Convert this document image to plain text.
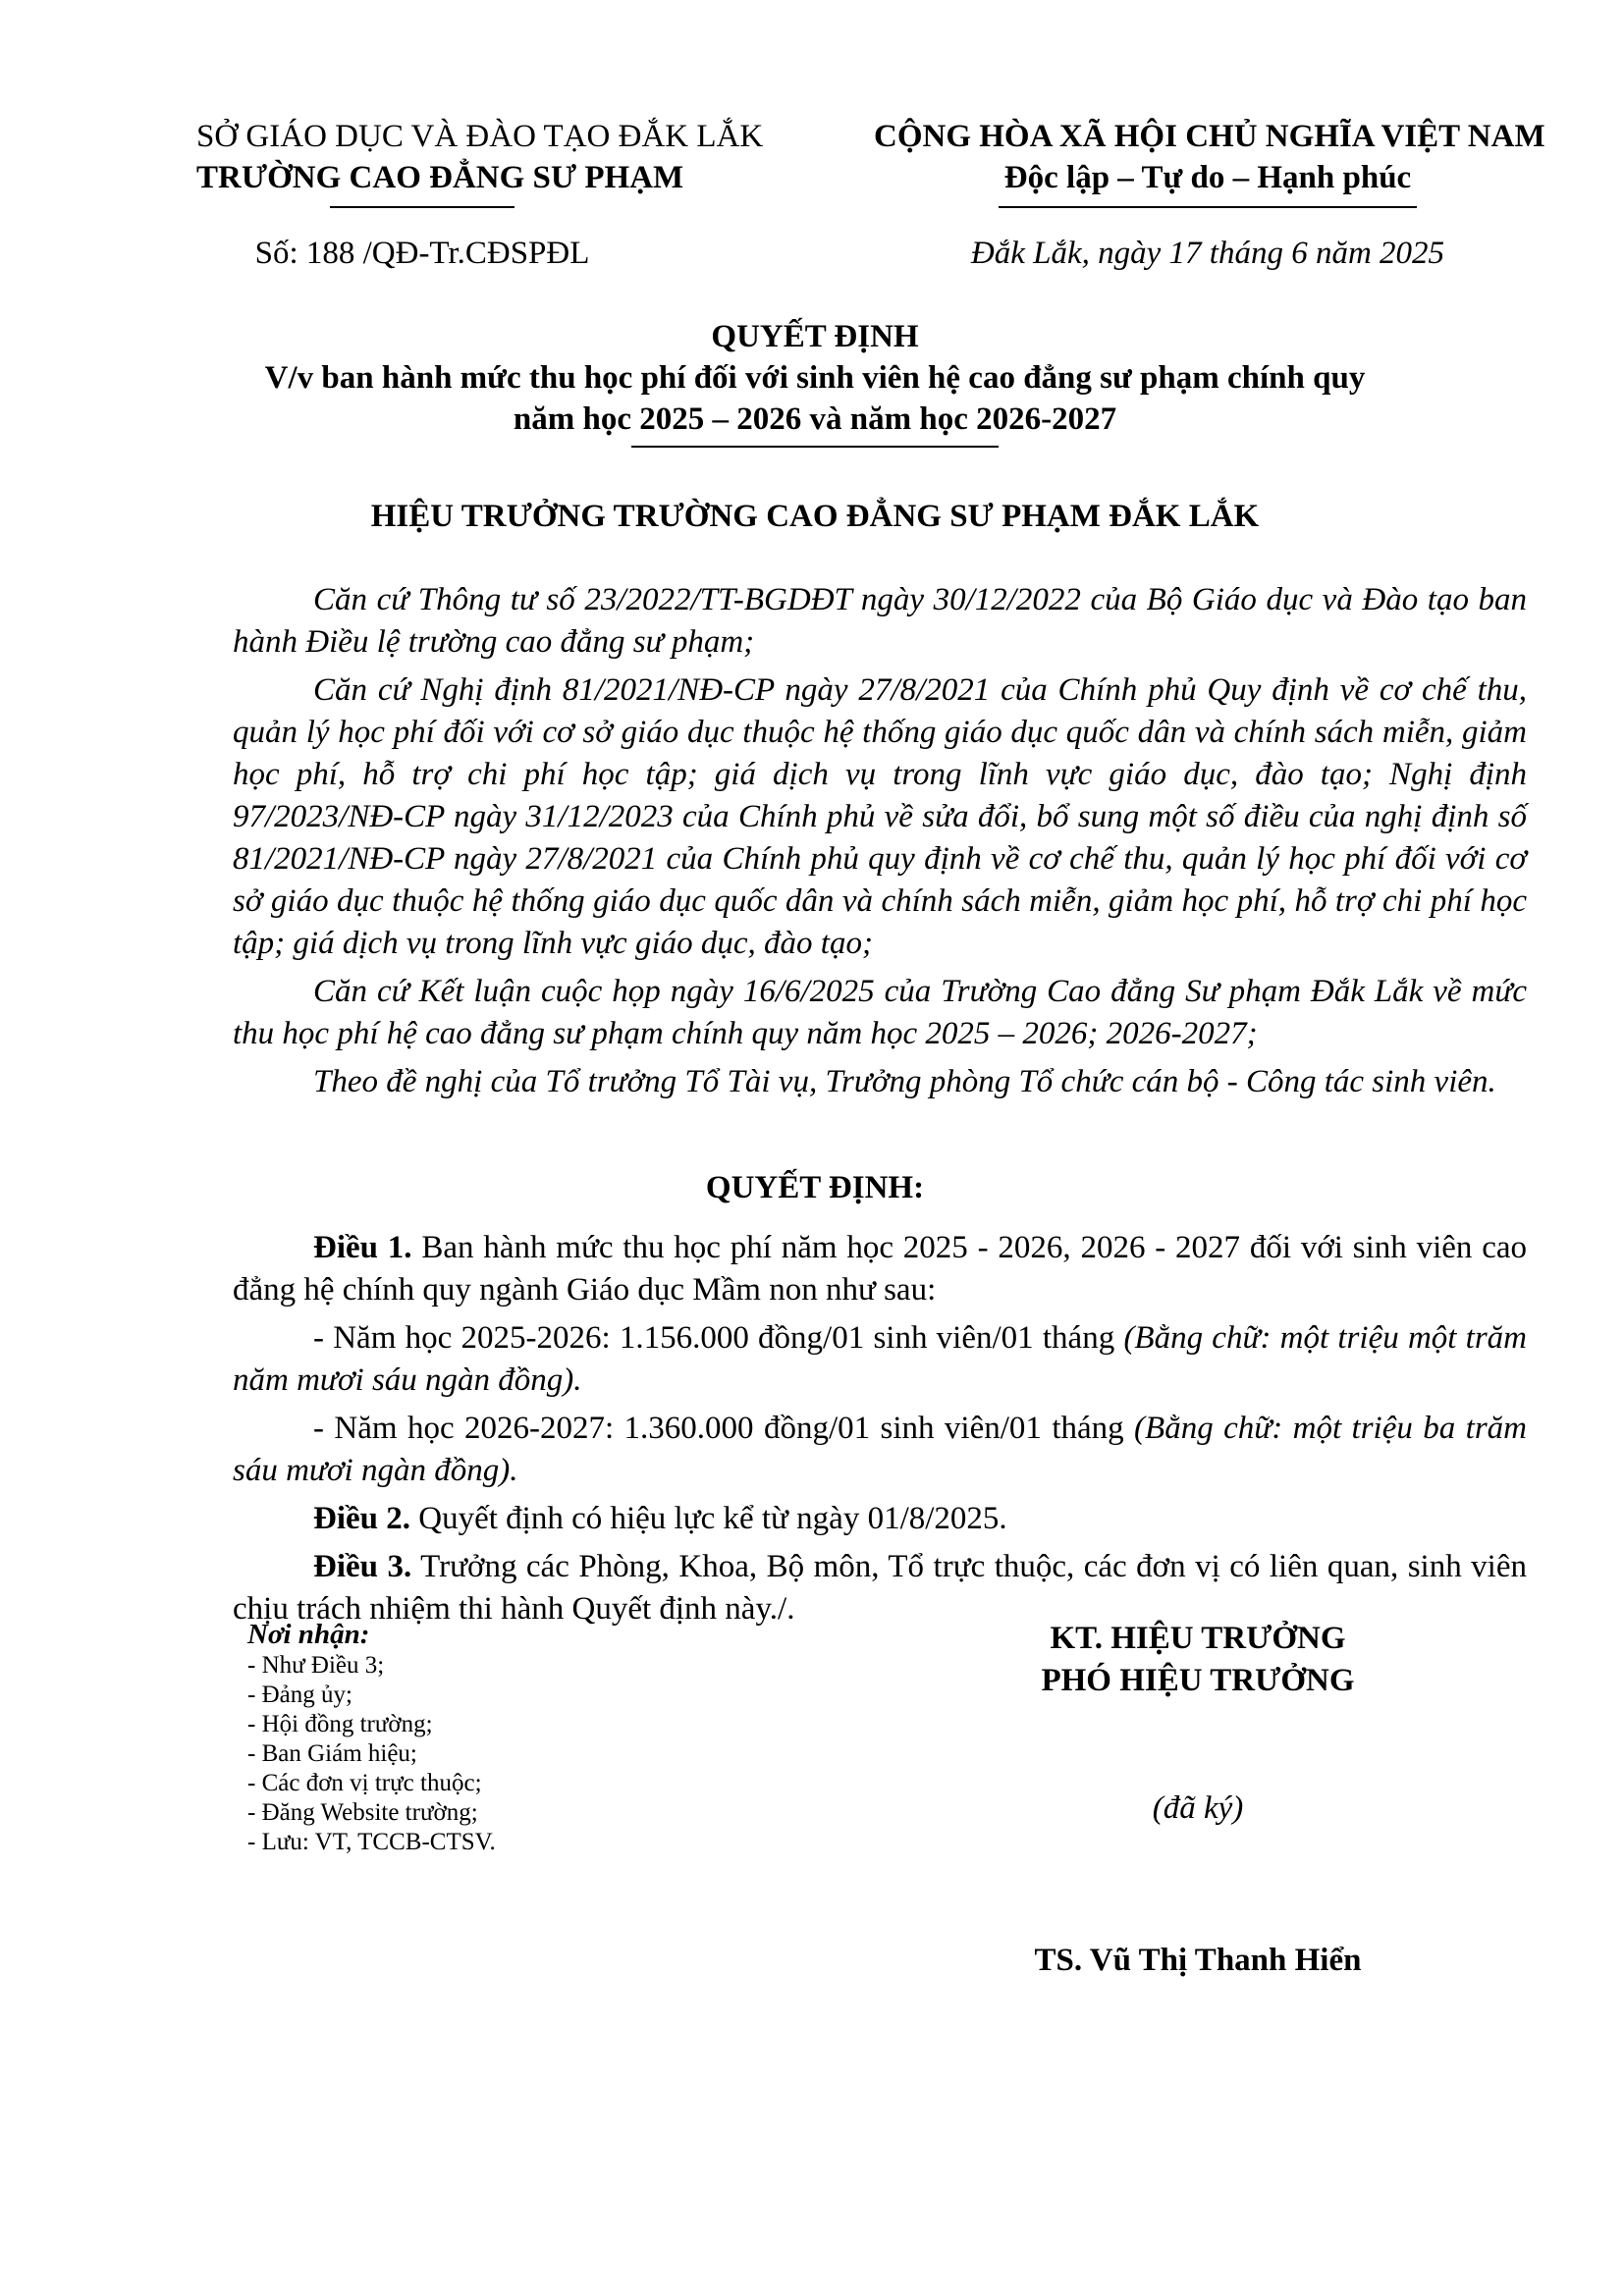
SỞ GIÁO DỤC VÀ ĐÀO TẠO ĐẮK LẮK
TRƯỜNG CAO ĐẲNG SƯ PHẠM
CỘNG HÒA XÃ HỘI CHỦ NGHĨA VIỆT NAM
Độc lập – Tự do – Hạnh phúc
Số: 188 /QĐ-Tr.CĐSPĐL	Đắk Lắk, ngày 17 tháng 6 năm 2025
QUYẾT ĐỊNH
V/v ban hành mức thu học phí đối với sinh viên hệ cao đẳng sư phạm chính quy
năm học 2025 – 2026 và năm học 2026-2027
HIỆU TRƯỞNG TRƯỜNG CAO ĐẲNG SƯ PHẠM ĐẮK LẮK

Căn cứ Thông tư số 23/2022/TT-BGDĐT ngày 30/12/2022 của Bộ Giáo dục và Đào tạo ban hành Điều lệ trường cao đẳng sư phạm;

Căn cứ Nghị định 81/2021/NĐ-CP ngày 27/8/2021 của Chính phủ Quy định về cơ chế thu, quản lý học phí đối với cơ sở giáo dục thuộc hệ thống giáo dục quốc dân và chính sách miễn, giảm học phí, hỗ trợ chi phí học tập; giá dịch vụ trong lĩnh vực giáo dục, đào tạo; Nghị định 97/2023/NĐ-CP ngày 31/12/2023 của Chính phủ về sửa đổi, bổ sung một số điều của nghị định số 81/2021/NĐ-CP ngày 27/8/2021 của Chính phủ quy định về cơ chế thu, quản lý học phí đối với cơ sở giáo dục thuộc hệ thống giáo dục quốc dân và chính sách miễn, giảm học phí, hỗ trợ chi phí học tập; giá dịch vụ trong lĩnh vực giáo dục, đào tạo;

Căn cứ Kết luận cuộc họp ngày 16/6/2025 của Trường Cao đẳng Sư phạm Đắk Lắk về mức thu học phí hệ cao đẳng sư phạm chính quy năm học 2025 – 2026; 2026-2027;

Theo đề nghị của Tổ trưởng Tổ Tài vụ, Trưởng phòng Tổ chức cán bộ - Công tác sinh viên.

QUYẾT ĐỊNH:

Điều 1. Ban hành mức thu học phí năm học 2025 - 2026, 2026 - 2027 đối với sinh viên cao đẳng hệ chính quy ngành Giáo dục Mầm non như sau:

- Năm học 2025-2026: 1.156.000 đồng/01 sinh viên/01 tháng (Bằng chữ: một triệu một trăm năm mươi sáu ngàn đồng).

- Năm học 2026-2027: 1.360.000 đồng/01 sinh viên/01 tháng (Bằng chữ: một triệu ba trăm sáu mươi ngàn đồng).

Điều 2. Quyết định có hiệu lực kể từ ngày 01/8/2025.

Điều 3. Trưởng các Phòng, Khoa, Bộ môn, Tổ trực thuộc, các đơn vị có liên quan, sinh viên chịu trách nhiệm thi hành Quyết định này./.

Nơi nhận:
- Như Điều 3;
- Đảng ủy;
- Hội đồng trường;
- Ban Giám hiệu;
- Các đơn vị trực thuộc;
- Đăng Website trường;
- Lưu: VT, TCCB-CTSV.
KT. HIỆU TRƯỞNG
PHÓ HIỆU TRƯỞNG
(đã ký)
TS. Vũ Thị Thanh Hiển
